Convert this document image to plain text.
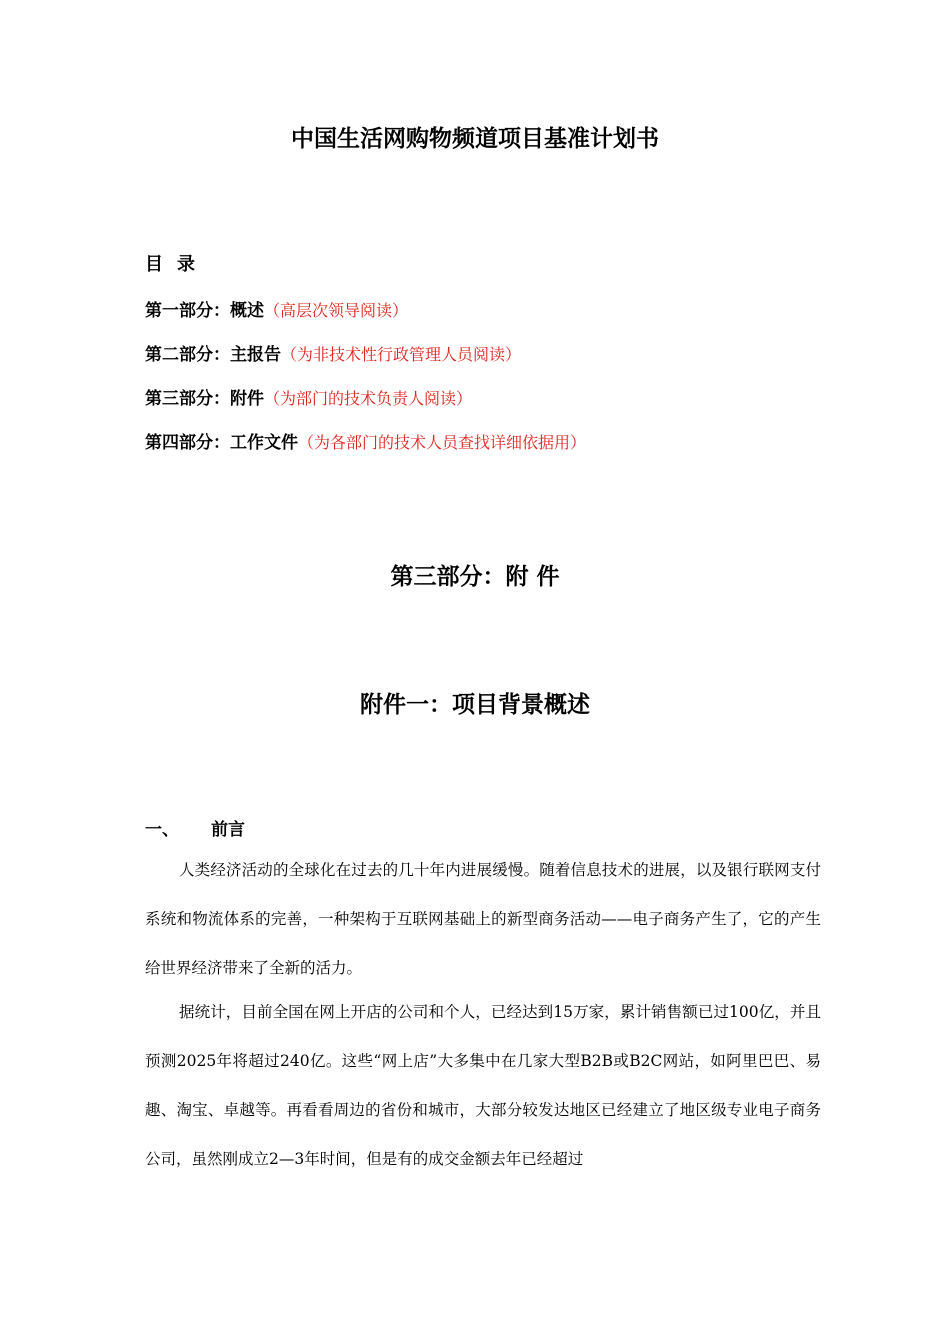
中国生活网购物频道项目基准计划书
目录
第一部分：概述（高层次领导阅读）
第二部分：主报告（为非技术性行政管理人员阅读）
第三部分：附件（为部门的技术负责人阅读）
第四部分：工作文件（为各部门的技术人员查找详细依据用）
第三部分：附 件
附件一：项目背景概述
一、 前言

人类经济活动的全球化在过去的几十年内进展缓慢。随着信息技术的进展，以及银行联网支付系统和物流体系的完善，一种架构于互联网基础上的新型商务活动——电子商务产生了，它的产生给世界经济带来了全新的活力。

据统计，目前全国在网上开店的公司和个人，已经达到15万家，累计销售额已过100亿，并且预测2025年将超过240亿。这些“网上店”大多集中在几家大型B2B或B2C网站，如阿里巴巴、易趣、淘宝、卓越等。再看看周边的省份和城市，大部分较发达地区已经建立了地区级专业电子商务公司，虽然刚成立2—3年时间，但是有的成交金额去年已经超过
